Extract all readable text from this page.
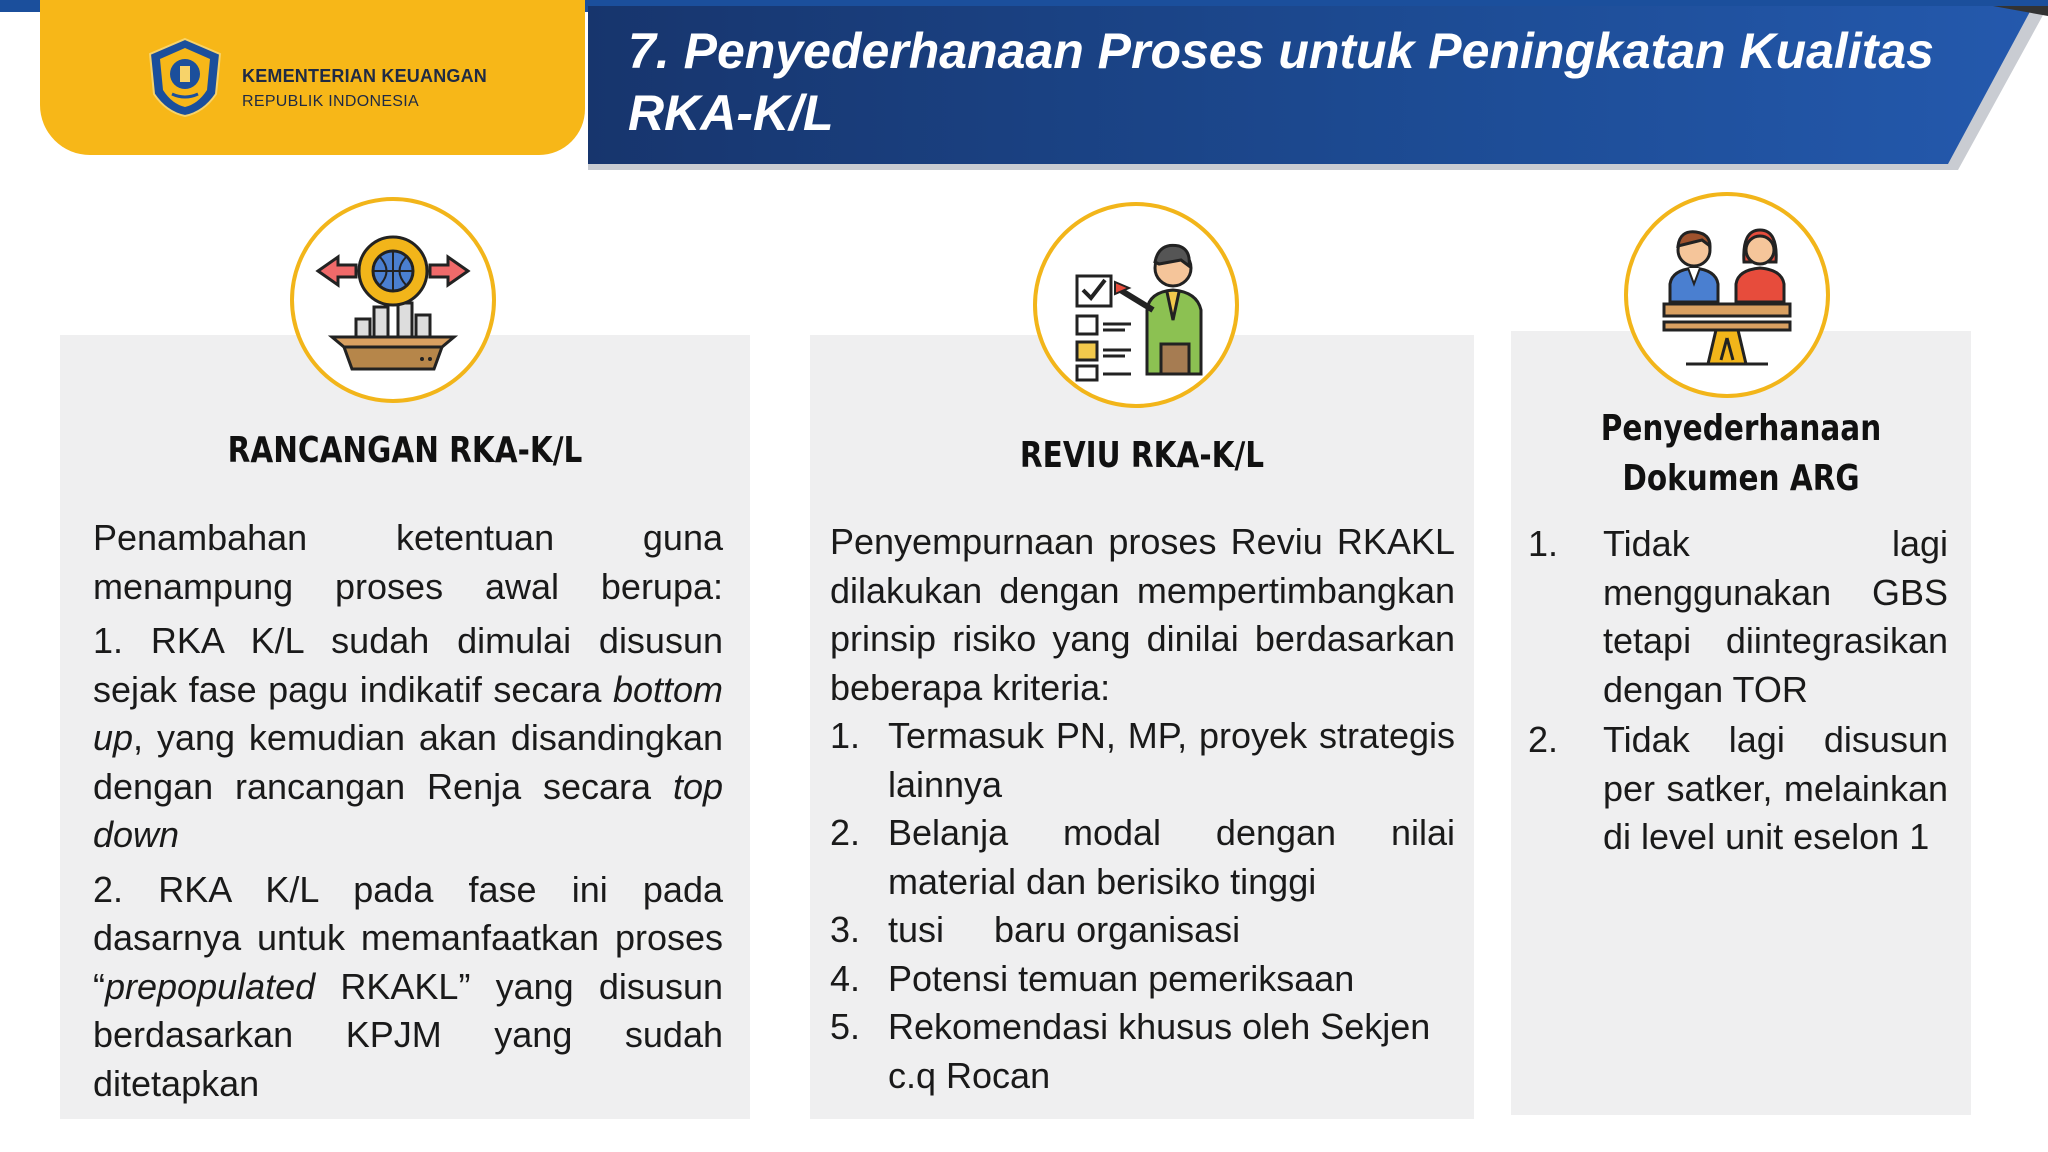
KEMENTERIAN KEUANGAN
REPUBLIK INDONESIA
7. Penyederhanaan Proses untuk Peningkatan Kualitas RKA-K/L
RANCANGAN RKA-K/L

Penambahan ketentuan guna menampung proses awal berupa:

1. RKA K/L sudah dimulai disusun sejak fase pagu indikatif secara bottom up, yang kemudian akan disandingkan dengan rancangan Renja secara top down

2. RKA K/L pada fase ini pada dasarnya untuk memanfaatkan proses “prepopulated RKAKL” yang disusun berdasarkan KPJM yang sudah ditetapkan

REVIU RKA-K/L

Penyempurnaan proses Reviu RKAKL dilakukan dengan mempertimbangkan prinsip risiko yang dinilai berdasarkan beberapa kriteria:

1. Termasuk PN, MP, proyek strategis lainnya
2. Belanja modal dengan nilai material dan berisiko tinggi
3. tusi     baru organisasi
4. Potensi temuan pemeriksaan
5. Rekomendasi khusus oleh Sekjen c.q Rocan
Penyederhanaan
Dokumen ARG
1. Tidak lagi menggunakan GBS tetapi diintegrasikan dengan TOR
2. Tidak lagi disusun per satker, melainkan di level unit eselon 1
